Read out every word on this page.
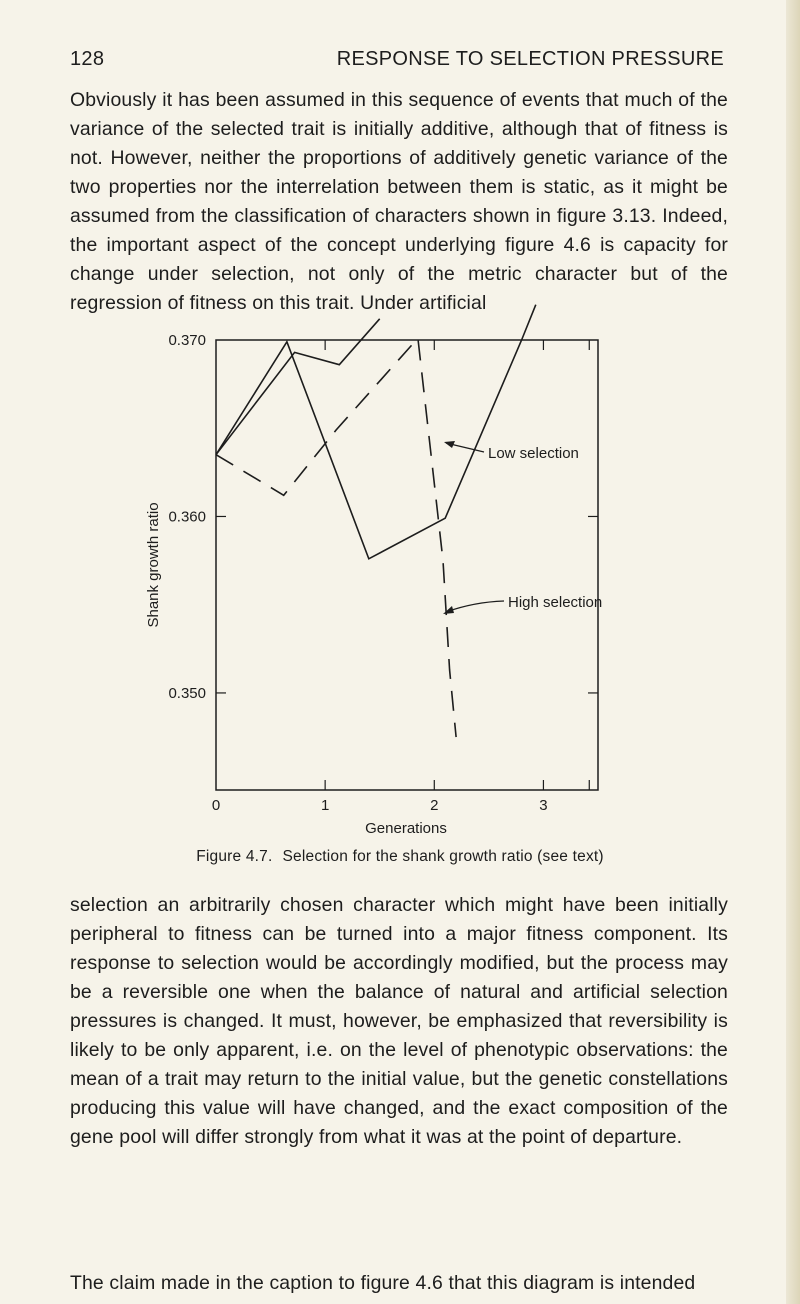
128	RESPONSE TO SELECTION PRESSURE

Obviously it has been assumed in this sequence of events that much of the variance of the selected trait is initially additive, although that of fitness is not. However, neither the proportions of additively genetic variance of the two properties nor the interrelation between them is static, as it might be assumed from the classification of characters shown in figure 3.13. Indeed, the important aspect of the concept underlying figure 4.6 is capacity for change under selection, not only of the metric character but of the regression of fitness on this trait. Under artificial

0	1	2	3
0.350
0.360
0.370
Generations
Shank growth ratio
Low selection
High selection
Figure 4.7. Selection for the shank growth ratio (see text)

selection an arbitrarily chosen character which might have been initially peripheral to fitness can be turned into a major fitness component. Its response to selection would be accordingly modified, but the process may be a reversible one when the balance of natural and artificial selection pressures is changed. It must, however, be emphasized that reversibility is likely to be only apparent, i.e. on the level of phenotypic observations: the mean of a trait may return to the initial value, but the genetic constellations producing this value will have changed, and the exact composition of the gene pool will differ strongly from what it was at the point of departure.

The claim made in the caption to figure 4.6 that this diagram is intended
